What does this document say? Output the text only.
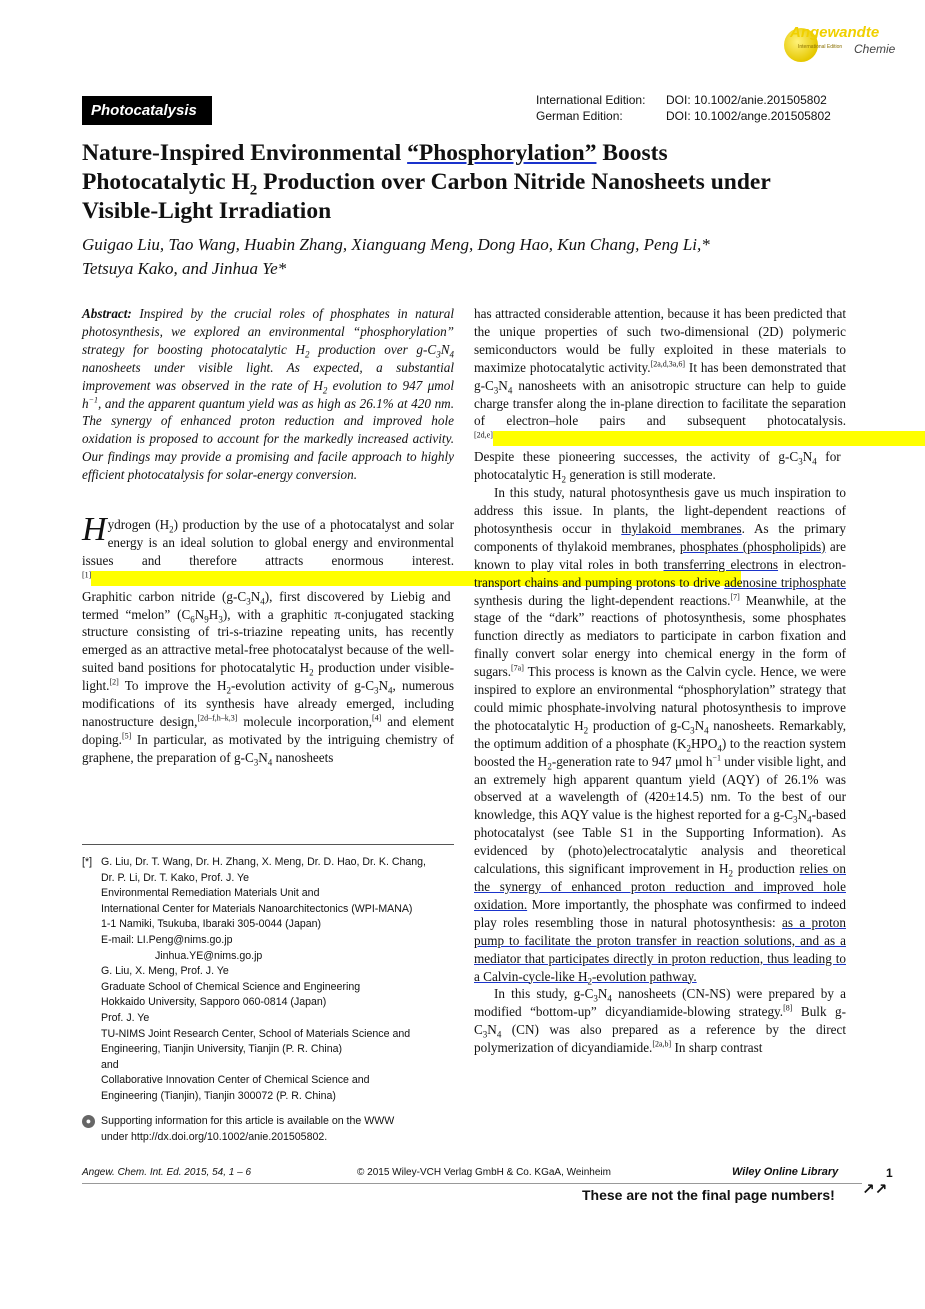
Angewandte
International Edition Chemie
Photocatalysis
International Edition: DOI: 10.1002/anie.201505802
German Edition:	DOI: 10.1002/ange.201505802
Nature-Inspired Environmental “Phosphorylation” Boosts
Photocatalytic $H_2$ Production over Carbon Nitride Nanosheets under
Visible-Light Irradiation
Guigao Liu, Tao Wang, Huabin Zhang, Xianguang Meng, Dong Hao, Kun Chang, Peng Li,*
Tetsuya Kako, and Jinhua Ye*

Abstract: Inspired by the crucial roles of phosphates in natural photosynthesis, we explored an environmental “phosphorylation” strategy for boosting photocatalytic $H_2$ production over $g-C_3N_4$ nanosheets under visible light. As expected, a substantial improvement was observed in the rate of $H_2$ evolution to 947 μmol $h^{-1}$, and the apparent quantum yield was as high as 26.1% at 420 nm. The synergy of enhanced proton reduction and improved hole oxidation is proposed to account for the markedly increased activity. Our findings may provide a promising and facile approach to highly efficient photocatalysis for solar-energy conversion.

Hydrogen $(H_2)$ production by the use of a photocatalyst and solar energy is an ideal solution to global energy and environmental issues and therefore attracts enormous interest.[1]                                                                                                                                                                                                      Graphitic carbon nitride $(g-C_3N_4)$, first discovered by Liebig and termed “melon” $(C_6N_9H_3)$, with a graphitic π-conjugated stacking structure consisting of tri-s-triazine repeating units, has recently emerged as an attractive metal-free photocatalyst because of the well-suited band positions for photocatalytic $H_2$ production under visible-light.[2] To improve the $H_2$-evolution activity of $g-C_3N_4$, numerous modifications of its synthesis have already emerged, including nanostructure design,[2d–f,h–k,3] molecule incorporation,[4] and element doping.[5] In particular, as motivated by the intriguing chemistry of graphene, the preparation of $g-C_3N_4$ nanosheets

[*] G. Liu, Dr. T. Wang, Dr. H. Zhang, X. Meng, Dr. D. Hao, Dr. K. Chang,
Dr. P. Li, Dr. T. Kako, Prof. J. Ye
Environmental Remediation Materials Unit and
International Center for Materials Nanoarchitectonics (WPI-MANA)
1-1 Namiki, Tsukuba, Ibaraki 305-0044 (Japan)
E-mail: LI.Peng@nims.go.jp
Jinhua.YE@nims.go.jp
G. Liu, X. Meng, Prof. J. Ye
Graduate School of Chemical Science and Engineering
Hokkaido University, Sapporo 060-0814 (Japan)
Prof. J. Ye
TU-NIMS Joint Research Center, School of Materials Science and
Engineering, Tianjin University, Tianjin (P. R. China)
and
Collaborative Innovation Center of Chemical Science and
Engineering (Tianjin), Tianjin 300072 (P. R. China)
● Supporting information for this article is available on the WWW
under http://dx.doi.org/10.1002/anie.201505802.

has attracted considerable attention, because it has been predicted that the unique properties of such two-dimensional (2D) polymeric semiconductors would be fully exploited in these materials to maximize photocatalytic activity.[2a,d,3a,6] It has been demonstrated that $g-C_3N_4$ nanosheets with an anisotropic structure can help to guide charge transfer along the in-plane direction to facilitate the separation of electron–hole pairs and subsequent photocatalysis.[2d,e]                                                                                                                                          Despite these pioneering successes, the activity of $g-C_3N_4$ for photocatalytic $H_2$ generation is still moderate.

In this study, natural photosynthesis gave us much inspiration to address this issue. In plants, the light-dependent reactions of photosynthesis occur in thylakoid membranes. As the primary components of thylakoid membranes, phosphates (phospholipids) are known to play vital roles in both transferring electrons in electron-transport chains and pumping protons to drive adenosine triphosphate synthesis during the light-dependent reactions.[7] Meanwhile, at the stage of the “dark” reactions of photosynthesis, some phosphates function directly as mediators to participate in carbon fixation and finally convert solar energy into chemical energy in the form of sugars.[7a] This process is known as the Calvin cycle. Hence, we were inspired to explore an environmental “phosphorylation” strategy that could mimic phosphate-involving natural photosynthesis to improve the photocatalytic $H_2$ production of $g-C_3N_4$ nanosheets. Remarkably, the optimum addition of a phosphate $(K_2HPO_4)$ to the reaction system boosted the $H_2$-generation rate to 947 μmol $h^{-1}$ under visible light, and an extremely high apparent quantum yield (AQY) of 26.1% was observed at a wavelength of (420±14.5) nm. To the best of our knowledge, this AQY value is the highest reported for a $g-C_3N_4$-based photocatalyst (see Table S1 in the Supporting Information). As evidenced by (photo)electrocatalytic analysis and theoretical calculations, this significant improvement in $H_2$ production relies on the synergy of enhanced proton reduction and improved hole oxidation. More importantly, the phosphate was confirmed to indeed play roles resembling those in natural photosynthesis: as a proton pump to facilitate the proton transfer in reaction solutions, and as a mediator that participates directly in proton reduction, thus leading to a Calvin-cycle-like $H_2$-evolution pathway.

In this study, $g-C_3N_4$ nanosheets (CN-NS) were prepared by a modified “bottom-up” dicyandiamide-blowing strategy.[8] Bulk $g-C_3N_4$ (CN) was also prepared as a reference by the direct polymerization of dicyandiamide.[2a,b] In sharp contrast

Angew. Chem. Int. Ed. 2015, 54, 1 – 6	© 2015 Wiley-VCH Verlag GmbH & Co. KGaA, Weinheim	Wiley Online Library	1
These are not the final page numbers! ↗↗
